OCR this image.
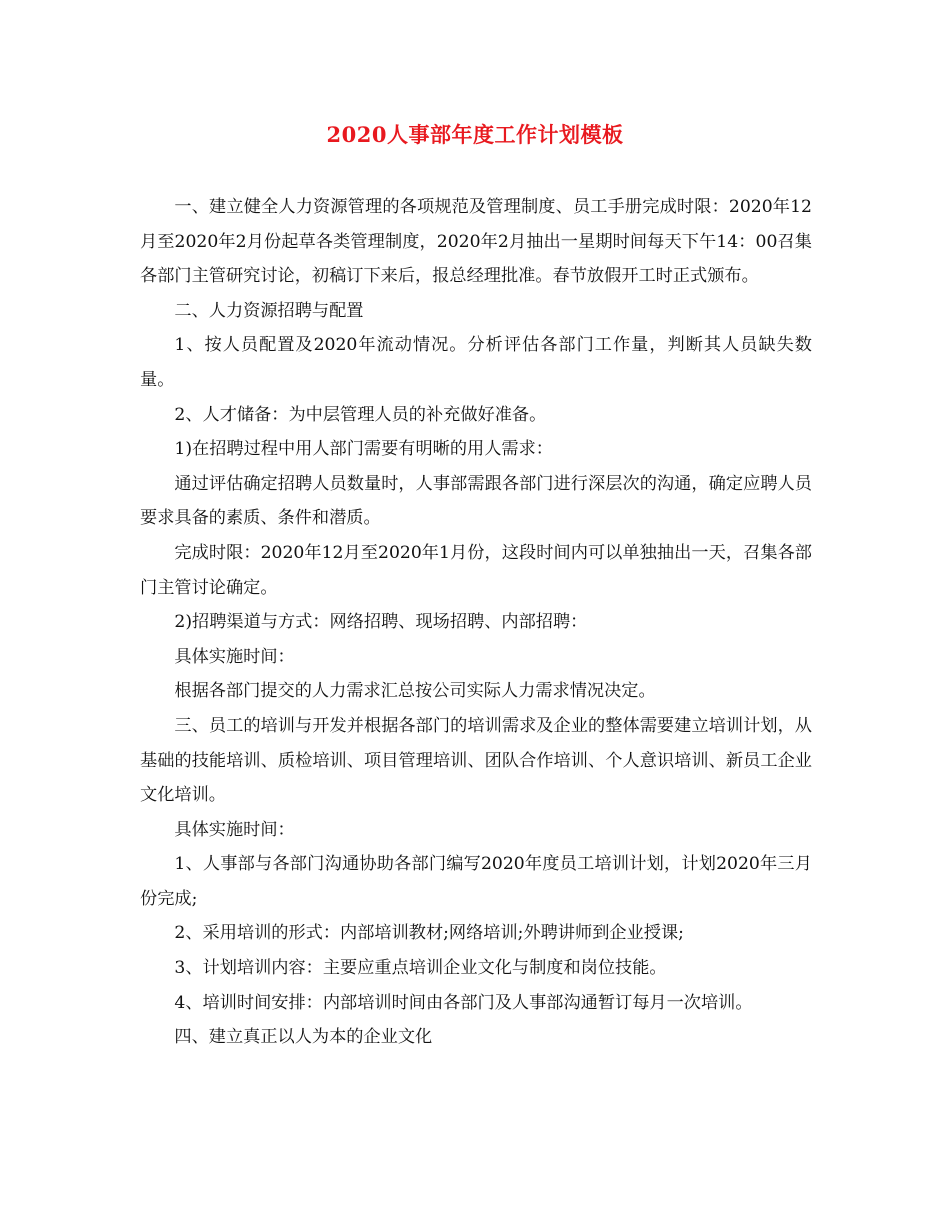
2020人事部年度工作计划模板

一、建立健全人力资源管理的各项规范及管理制度、员工手册完成时限：2020年12月至2020年2月份起草各类管理制度，2020年2月抽出一星期时间每天下午14：00召集各部门主管研究讨论，初稿订下来后，报总经理批准。春节放假开工时正式颁布。

二、人力资源招聘与配置

1、按人员配置及2020年流动情况。分析评估各部门工作量，判断其人员缺失数量。

2、人才储备：为中层管理人员的补充做好准备。

1)在招聘过程中用人部门需要有明晰的用人需求：

通过评估确定招聘人员数量时，人事部需跟各部门进行深层次的沟通，确定应聘人员要求具备的素质、条件和潜质。

完成时限：2020年12月至2020年1月份，这段时间内可以单独抽出一天，召集各部门主管讨论确定。

2)招聘渠道与方式：网络招聘、现场招聘、内部招聘：

具体实施时间：

根据各部门提交的人力需求汇总按公司实际人力需求情况决定。

三、员工的培训与开发并根据各部门的培训需求及企业的整体需要建立培训计划，从基础的技能培训、质检培训、项目管理培训、团队合作培训、个人意识培训、新员工企业文化培训。

具体实施时间：

1、人事部与各部门沟通协助各部门编写2020年度员工培训计划，计划2020年三月份完成;

2、采用培训的形式：内部培训教材;网络培训;外聘讲师到企业授课;

3、计划培训内容：主要应重点培训企业文化与制度和岗位技能。

4、培训时间安排：内部培训时间由各部门及人事部沟通暂订每月一次培训。

四、建立真正以人为本的企业文化
